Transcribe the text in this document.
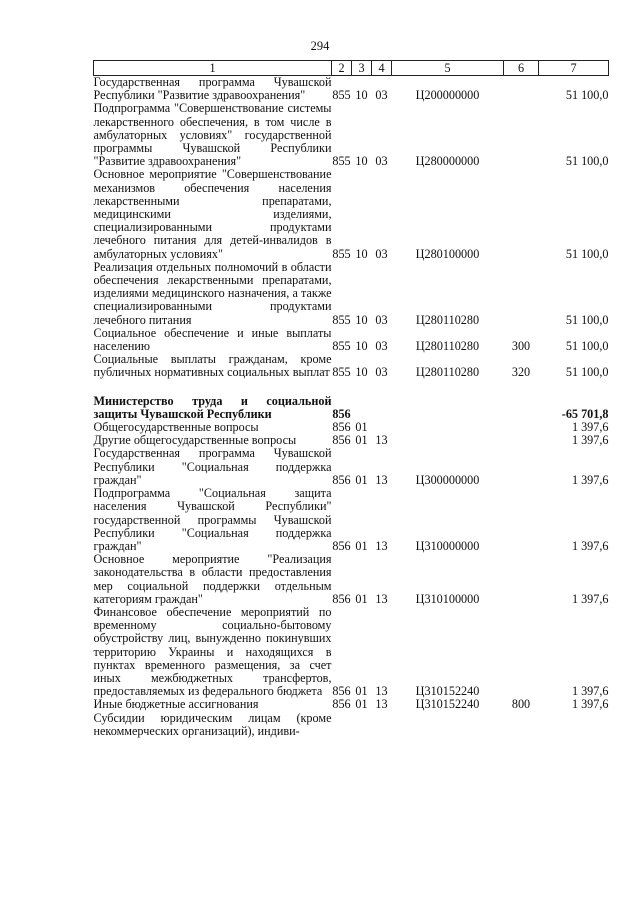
294
1	2	3	4	5	6	7
Государственная программа Чувашской Республики "Развитие здравоохранения"	855	10	03	Ц200000000		51 100,0
Подпрограмма "Совершенствование системы лекарственного обеспечения, в том числе в амбулаторных условиях" государственной программы Чувашской Республики "Развитие здравоохранения"	855	10	03	Ц280000000		51 100,0
Основное мероприятие "Совершенствование механизмов обеспечения населения лекарственными препаратами, медицинскими изделиями, специализированными продуктами лечебного питания для детей-инвалидов в амбулаторных условиях"	855	10	03	Ц280100000		51 100,0
Реализация отдельных полномочий в области обеспечения лекарственными препаратами, изделиями медицинского назначения, а также специализированными продуктами лечебного питания	855	10	03	Ц280110280		51 100,0
Социальное обеспечение и иные выплаты населению	855	10	03	Ц280110280	300	51 100,0
Социальные выплаты гражданам, кроме публичных нормативных социальных выплат	855	10	03	Ц280110280	320	51 100,0

Министерство труда и социальной защиты Чувашской Республики	856					-65 701,8
Общегосударственные вопросы	856	01				1 397,6
Другие общегосударственные вопросы	856	01	13			1 397,6
Государственная программа Чувашской Республики "Социальная поддержка граждан"	856	01	13	Ц300000000		1 397,6
Подпрограмма "Социальная защита населения Чувашской Республики" государственной программы Чувашской Республики "Социальная поддержка граждан"	856	01	13	Ц310000000		1 397,6
Основное мероприятие "Реализация законодательства в области предоставления мер социальной поддержки отдельным категориям граждан"	856	01	13	Ц310100000		1 397,6
Финансовое обеспечение мероприятий по временному социально-бытовому обустройству лиц, вынужденно покинувших территорию Украины и находящихся в пунктах временного размещения, за счет иных межбюджетных трансфертов, предоставляемых из федерального бюджета	856	01	13	Ц310152240		1 397,6
Иные бюджетные ассигнования	856	01	13	Ц310152240	800	1 397,6
Субсидии юридическим лицам (кроме некоммерческих организаций), индиви-						
